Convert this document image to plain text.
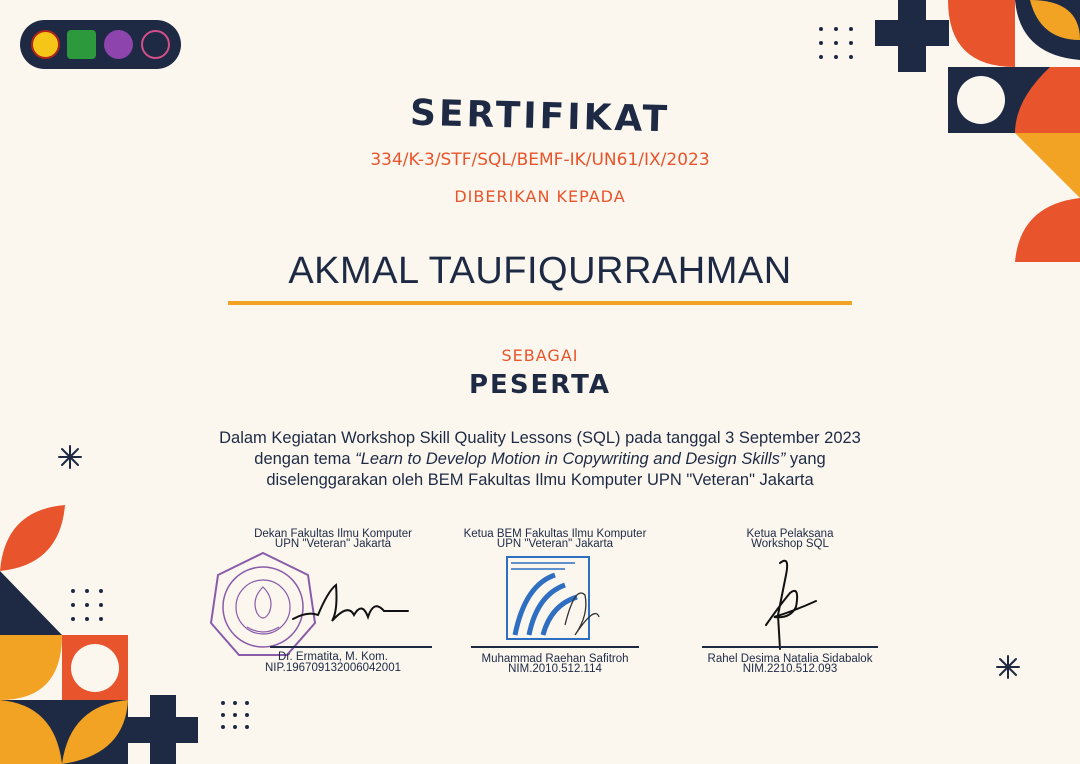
SERTIFIKAT
334/K-3/STF/SQL/BEMF-IK/UN61/IX/2023
DIBERIKAN KEPADA
AKMAL TAUFIQURRAHMAN
SEBAGAI
PESERTA
Dalam Kegiatan Workshop Skill Quality Lessons (SQL) pada tanggal 3 September 2023
dengan tema “Learn to Develop Motion in Copywriting and Design Skills” yang
diselenggarakan oleh BEM Fakultas Ilmu Komputer UPN "Veteran" Jakarta
Dekan Fakultas Ilmu Komputer
UPN "Veteran" Jakarta
Dr. Ermatita, M. Kom.
NIP.196709132006042001
Ketua BEM Fakultas Ilmu Komputer
UPN "Veteran" Jakarta
Muhammad Raehan Safitroh
NIM.2010.512.114
Ketua Pelaksana
Workshop SQL
Rahel Desima Natalia Sidabalok
NIM.2210.512.093
